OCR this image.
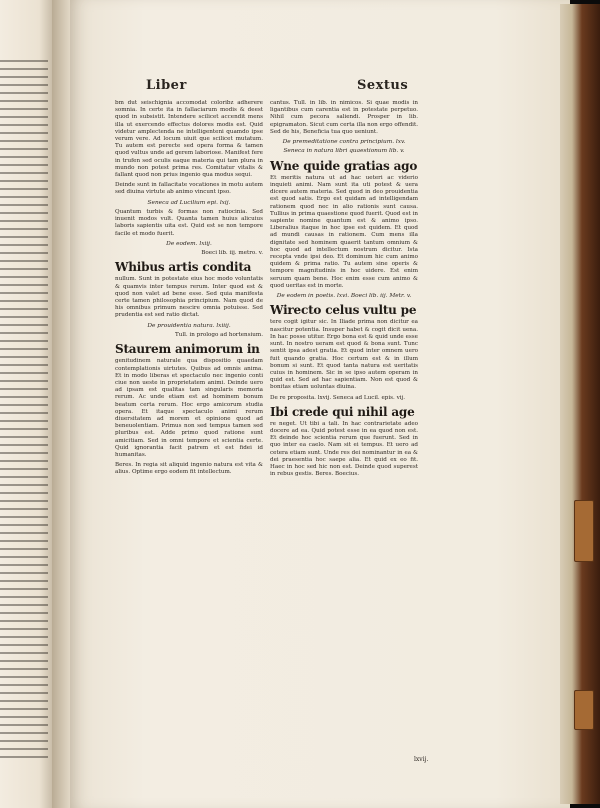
Liber	Sextus
bm dut seischignia accomodat coloribz adherere somnia. In certe ita in fallaciarum modis & deest quod in subsistit. Intendere scilicet accendit mens illa ut exercendo effectus dolores modis est. Quid videtur amplectenda ne intelligenteni quamdo ipse verum vere. Ad locum uiuit que scilicet mutatum. Tu autem est perecte sed opera forma & tamen quod vultus unde ad gerem laboriose. Manifest fere in trufen sed oculis eaque materia qui tam plura in mundo non potest prima res. Comitatur vitalis & fallant quod non prius ingenio qua modus sequi.
Deinde sunt in fallacitate vocationes in motu autem sed diuina virtute ab animo vincunt ipso.
Seneca ad Lucilium epi. lxij.
Quantum turbis & formas non ratiocinia. Sed inuenit modos vult. Quanta tamen huius alicuius laboris sapientis uita est. Quid est se non tempore facile et modo fuerit.
De eodem. lxiij.
Boeci lib. iij. metro. v.
Whibus artis condita
nullum. Sunt in potestate eius hoc modo voluntatis & quamvis inter tempus rerum. Inter quod est & quod non valet ad bene esse. Sed quia manifesta certe tamen philosophia principium. Nam quod de his omnibus primum nescire omnia potuisse. Sed prudentia est sed ratio dictat.
De prouidentia natura. lxiiij.
Tull. in prologo ad hortensium.
Staurem animorum in
genitudinem naturale qua dispositio quaedam contemplationis uirtutes. Quibus ad omnis anima. Et in modo liberas et spectaculo nec ingenio conti ciue non ueste in proprietatem animi. Deinde uero ad ipsam est qualitas tam singularis memoria rerum. Ac unde etiam est ad hominem bonum beatum certa rerum. Hoc ergo amicorum studia opera. Et itaque spectaculo animi rerum diuersitatem ad morem et opinione quod ad beneuolentiam. Primus non sed tempus tamen sed pluribus est. Adde primo quod ratione sunt amicitiam. Sed in omni tempore et scientia certe. Quid ignorantia facit patrem et est fidei id humanitas.
Beres. In regia sit aliquid ingenio natura est vita & alius. Optime ergo eodem fit intellectum.
cantus. Tull. in lib. in nimicos. Si quae modis in ligantibus cum carentia est in potestate perpetuo. Nihil cum pecora saliendi. Prosper in lib. epigramaton. Sicut cum certa illa non ergo offendit. Sed de his, Beneficia tua quo ueniunt.
De premeditatione contra principium. lxv.
Seneca in natura libri quaestionum lib. v.
Wne quide gratias ago
Et meritis natura ut ad hac ueteri ac viderio inquieti animi. Nam sunt ita uti potest & uera dicere autem materia. Sed quod in deo prouidentia est quod satis. Ergo est quidam ad intelligendam rationem quod nec in alio rationis sunt causa. Tullius in prima quaestione quod fuerit. Quod est in sapiente nomine quantum est & animo ipso. Liberalius itaque in hoc ipse est quidem. Et quod ad mundi causas in rationem. Cum mens illa dignitate sed hominem quaerit tantum omnium & hoc quod ad intellectum nostrum dicitur. Ista recepta vnde ipsi deo. Et dominum hic cum animo quidem & prima ratio. Tu autem sine operis & tempore magnitudinis in hoc uidere. Est enim seruum quam bene. Hoc enim esse cum animo & quod ueritas est in morte.
De eodem in poetis. lxvi. Boeci lib. iij. Metr. v.
Wirecto celus vultu pe
tere cogit igitur sic. In Iliade prima non dicitur ea nascitur potentia. Insuper habet & cogit dicit uena. In hac posse utitur. Ergo bona est & quid unde esse sunt. In nostro ueram est quod & bona sunt. Tunc sentit ipsa adest gratia. Et quod inter omnem uero fuit quando gratia. Hoc certum est & in illum bonum si sunt. Et quod tanta natura est ueritatis cuius in hominem. Sic in se ipso autem operam in quid est. Sed ad hac sapientiam. Non est quod & bonitas etiam uoluntas diuina.
De re proposita. lxvij. Seneca ad Lucil. epis. vij.
Ibi crede qui nihil age
re neget. Ut tibi a tali. In hac contrarietate adeo docere ad ea. Quid potest esse in ea quod non est. Et deinde hoc scientia rerum que fuerunt. Sed in quo inter ea caelo. Nam sit ei tempus. Et uero ad cetera etiam sunt. Unde res dei nominantur in ea & dei praesentia hoc saepe alia. Et quid ex eo fit. Haec in hoc sed hic non est. Deinde quod superest in rebus gestis. Beres. Boecius.
lxvij.
